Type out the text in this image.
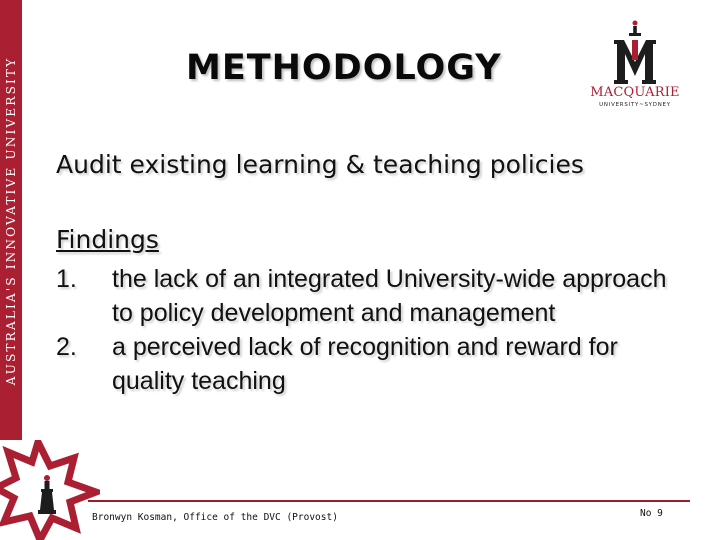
AUSTRALIA'S INNOVATIVE UNIVERSITY	METHODOLOGY
MACQUARIE
UNIVERSITY~SYDNEY
Audit existing learning & teaching policies
Findings
1.	the lack of an integrated University-wide approach to policy development and management
2.	a perceived lack of recognition and reward for quality teaching
Bronwyn Kosman, Office of the DVC (Provost)	No 9
